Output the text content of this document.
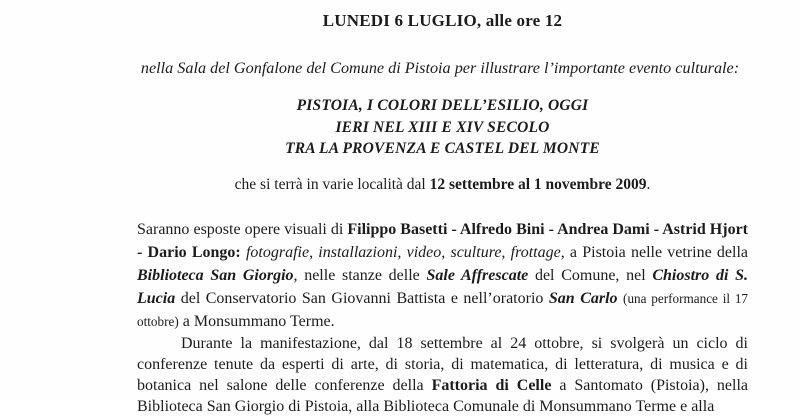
LUNEDI 6 LUGLIO, alle ore 12

nella Sala del Gonfalone del Comune di Pistoia per illustrare l’importante evento culturale:

PISTOIA, I COLORI DELL’ESILIO, OGGI

IERI NEL XIII E XIV SECOLO

TRA LA PROVENZA E CASTEL DEL MONTE

che si terrà in varie località dal 12 settembre al 1 novembre 2009.

Saranno esposte opere visuali di Filippo Basetti - Alfredo Bini - Andrea Dami - Astrid Hjort - Dario Longo: fotografie, installazioni, video, sculture, frottage, a Pistoia nelle vetrine della Biblioteca San Giorgio, nelle stanze delle Sale Affrescate del Comune, nel Chiostro di S. Lucia del Conservatorio San Giovanni Battista e nell’oratorio San Carlo (una performance il 17 ottobre) a Monsummano Terme.

Durante la manifestazione, dal 18 settembre al 24 ottobre, si svolgerà un ciclo di conferenze tenute da esperti di arte, di storia, di matematica, di letteratura, di musica e di botanica nel salone delle conferenze della Fattoria di Celle a Santomato (Pistoia), nella Biblioteca San Giorgio di Pistoia, alla Biblioteca Comunale di Monsummano Terme e alla
